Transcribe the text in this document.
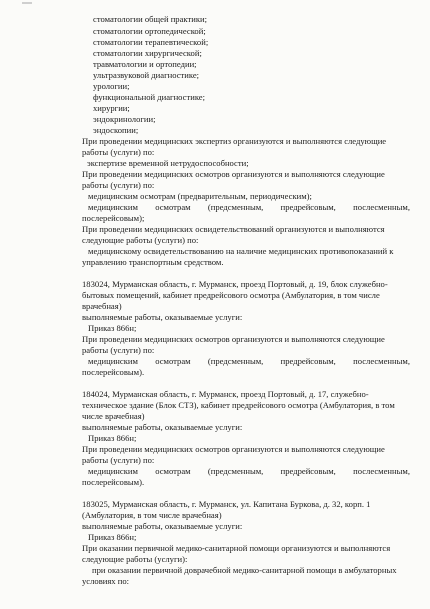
стоматологии общей практики;
стоматологии ортопедической;
стоматологии терапевтической;
стоматологии хирургической;
травматологии и ортопедии;
ультразвуковой диагностике;
урологии;
функциональной диагностике;
хирургии;
эндокринологии;
эндоскопии;
При проведении медицинских экспертиз организуются и выполняются следующие
работы (услуги) по:
экспертизе временной нетрудоспособности;
При проведении медицинских осмотров организуются и выполняются следующие
работы (услуги) по:
медицинским осмотрам (предварительным, периодическим);
медицинским осмотрам (предсменным, предрейсовым, послесменным,
послерейсовым);
При проведении медицинских освидетельствований организуются и выполняются
следующие работы (услуги) по:
медицинскому освидетельствованию на наличие медицинских противопоказаний к
управлению транспортным средством.
183024, Мурманская область, г. Мурманск, проезд Портовый, д. 19, блок служебно-
бытовых помещений, кабинет предрейсового осмотра (Амбулатория, в том числе
врачебная)
выполняемые работы, оказываемые услуги:
Приказ 866н;
При проведении медицинских осмотров организуются и выполняются следующие
работы (услуги) по:
медицинским осмотрам (предсменным, предрейсовым, послесменным,
послерейсовым).
184024, Мурманская область, г. Мурманск, проезд Портовый, д. 17, служебно-
техническое здание (Блок СТЗ), кабинет предрейсового осмотра (Амбулатория, в том
числе врачебная)
выполняемые работы, оказываемые услуги:
Приказ 866н;
При проведении медицинских осмотров организуются и выполняются следующие
работы (услуги) по:
медицинским осмотрам (предсменным, предрейсовым, послесменным,
послерейсовым).
183025, Мурманская область, г. Мурманск, ул. Капитана Буркова, д. 32, корп. 1
(Амбулатория, в том числе врачебная)
выполняемые работы, оказываемые услуги:
Приказ 866н;
При оказании первичной медико-санитарной помощи организуются и выполняются
следующие работы (услуги):
при оказании первичной доврачебной медико-санитарной помощи в амбулаторных
условиях по:
